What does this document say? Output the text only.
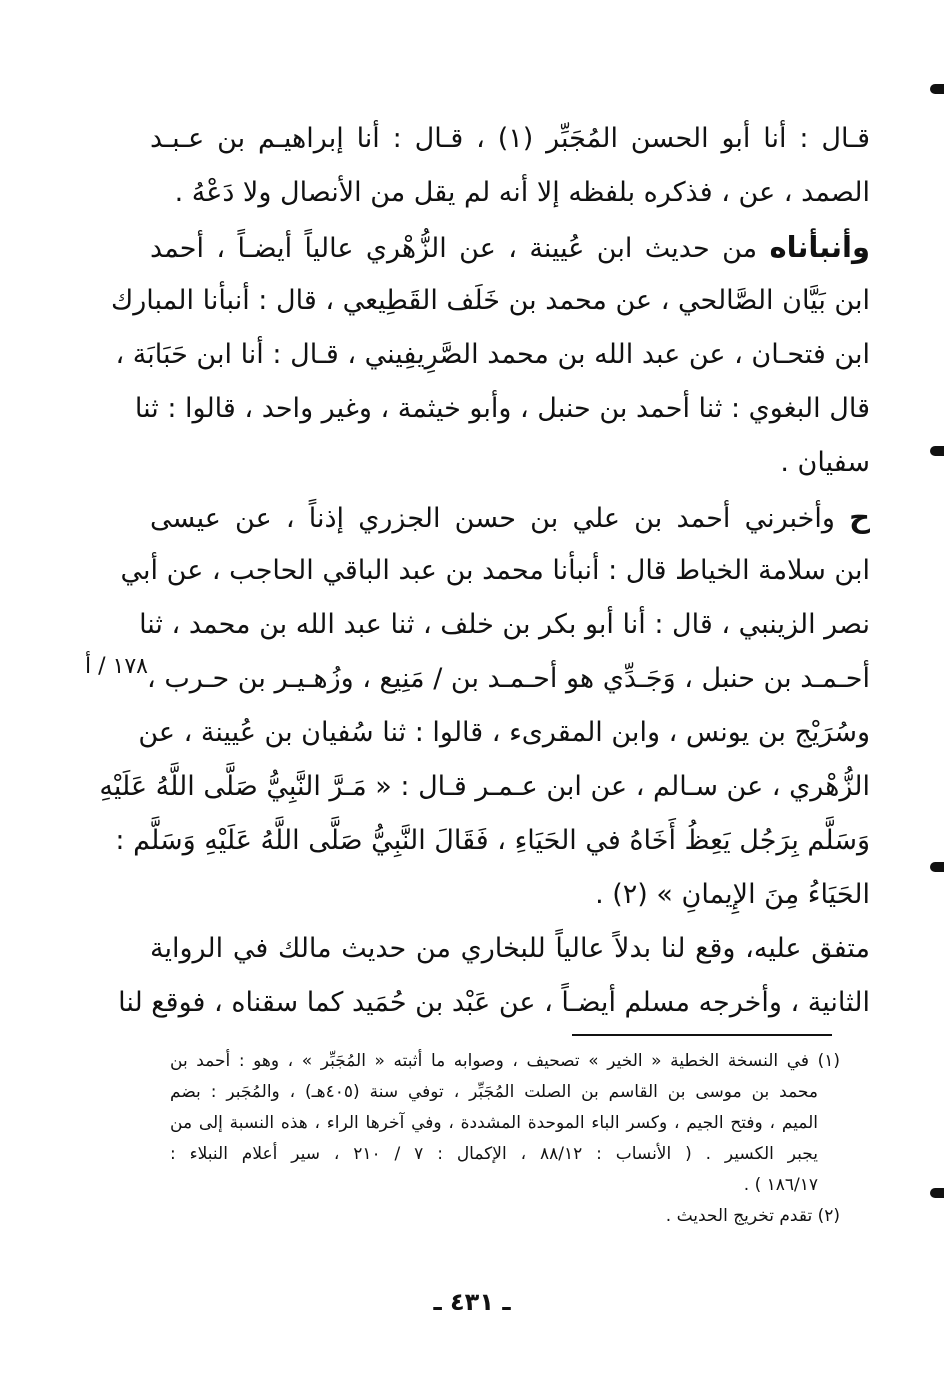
قـال : أنا أبو الحسن المُجَبِّر (١) ، قـال : أنا إبراهيـم بن عـبـد
الصمد ، عن ، فذكره بلفظه إلا أنه لم يقل من الأنصال ولا دَعْهُ .
وأنبأناه من حديث ابن عُيينة ، عن الزُّهْري عالياً أيضـاً ، أحمد
ابن بَيَّان الصَّالحي ، عن محمد بن خَلَف القَطِيعي ، قال : أنبأنا المبارك
ابن فتحـان ، عن عبد الله بن محمد الصَّرِيفِيني ، قـال : أنا ابن حَبَابَة ،
قال البغوي : ثنا أحمد بن حنبل ، وأبو خيثمة ، وغير واحد ، قالوا : ثنا
سفيان .
ح وأخبرني أحمد بن علي بن حسن الجزري إذناً ، عن عيسى
ابن سلامة الخياط قال : أنبأنا محمد بن عبد الباقي الحاجب ، عن أبي
نصر الزينبي ، قال : أنا أبو بكر بن خلف ، ثنا عبد الله بن محمد ، ثنا
أحـمـد بن حنبل ، وَجَـدِّي هو أحـمـد بن / مَنِيع ، وزُهـيـر بن حـرب ،
وسُرَيْج بن يونس ، وابن المقرىء ، قالوا : ثنا سُفيان بن عُيينة ، عن
الزُّهْري ، عن سـالم ، عن ابن عـمـر قـال : « مَـرَّ النَّبِيُّ صَلَّى اللَّهُ عَلَيْهِ
وَسَلَّم بِرَجُل يَعِظُ أَخَاهُ في الحَيَاءِ ، فَقَالَ النَّبِيُّ صَلَّى اللَّهُ عَلَيْهِ وَسَلَّم :
الحَيَاءُ مِنَ الإِيمانِ » (٢) .
متفق عليه، وقع لنا بدلاً عالياً للبخاري من حديث مالك في الرواية
الثانية ، وأخرجه مسلم أيضـاً ، عن عَبْد بن حُمَيد كما سقناه ، فوقع لنا
١٧٨ / أ
(١) في النسخة الخطية « الخير » تصحيف ، وصوابه ما أثبته « المُجَبِّر » ، وهو : أحمد بن
محمد بن موسى بن القاسم بن الصلت المُجَبِّر ، توفي سنة (٤٠٥هـ) ، والمُجَبر : بضم
الميم ، وفتح الجيم ، وكسر الباء الموحدة المشددة ، وفي آخرها الراء ، هذه النسبة إلى من
يجبر الكسير . ( الأنساب : ٨٨/١٢ ، الإكمال : ٧ / ٢١٠ ، سير أعلام النبلاء :
١٨٦/١٧ ) .
(٢) تقدم تخريج الحديث .
ـ ٤٣١ ـ
